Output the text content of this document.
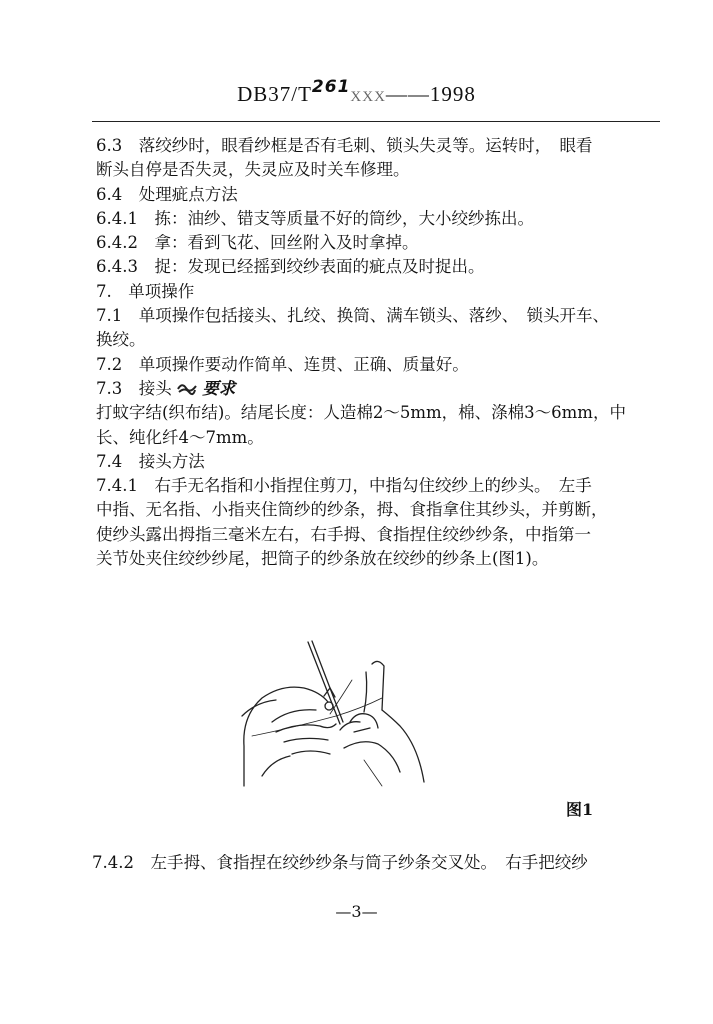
$DB37/T^{261}XXX——1998$
6.3　落绞纱时，眼看纱框是否有毛刺、锁头失灵等。运转时，　眼看
断头自停是否失灵，失灵应及时关车修理。
6.4　处理疵点方法
6.4.1　拣：油纱、错支等质量不好的筒纱，大小绞纱拣出。
6.4.2　拿：看到飞花、回丝附入及时拿掉。
6.4.3　捉：发现已经摇到绞纱表面的疵点及时捉出。
7.　单项操作
7.1　单项操作包括接头、扎绞、换筒、满车锁头、落纱、　锁头开车、
换绞。
7.2　单项操作要动作简单、连贯、正确、质量好。
7.3　接头 要求
打蚊字结(织布结)。结尾长度：人造棉2～5mm，棉、涤棉3～6mm，中
长、纯化纤4～7mm。
7.4　接头方法
7.4.1　右手无名指和小指捏住剪刀，中指勾住绞纱上的纱头。　左手
中指、无名指、小指夹住筒纱的纱条，拇、食指拿住其纱头，并剪断，
使纱头露出拇指三毫米左右，右手拇、食指捏住绞纱纱条，中指第一
关节处夹住绞纱纱尾，把筒子的纱条放在绞纱的纱条上(图1)。
图1
7.4.2　左手拇、食指捏在绞纱纱条与筒子纱条交叉处。　右手把绞纱
—3—
